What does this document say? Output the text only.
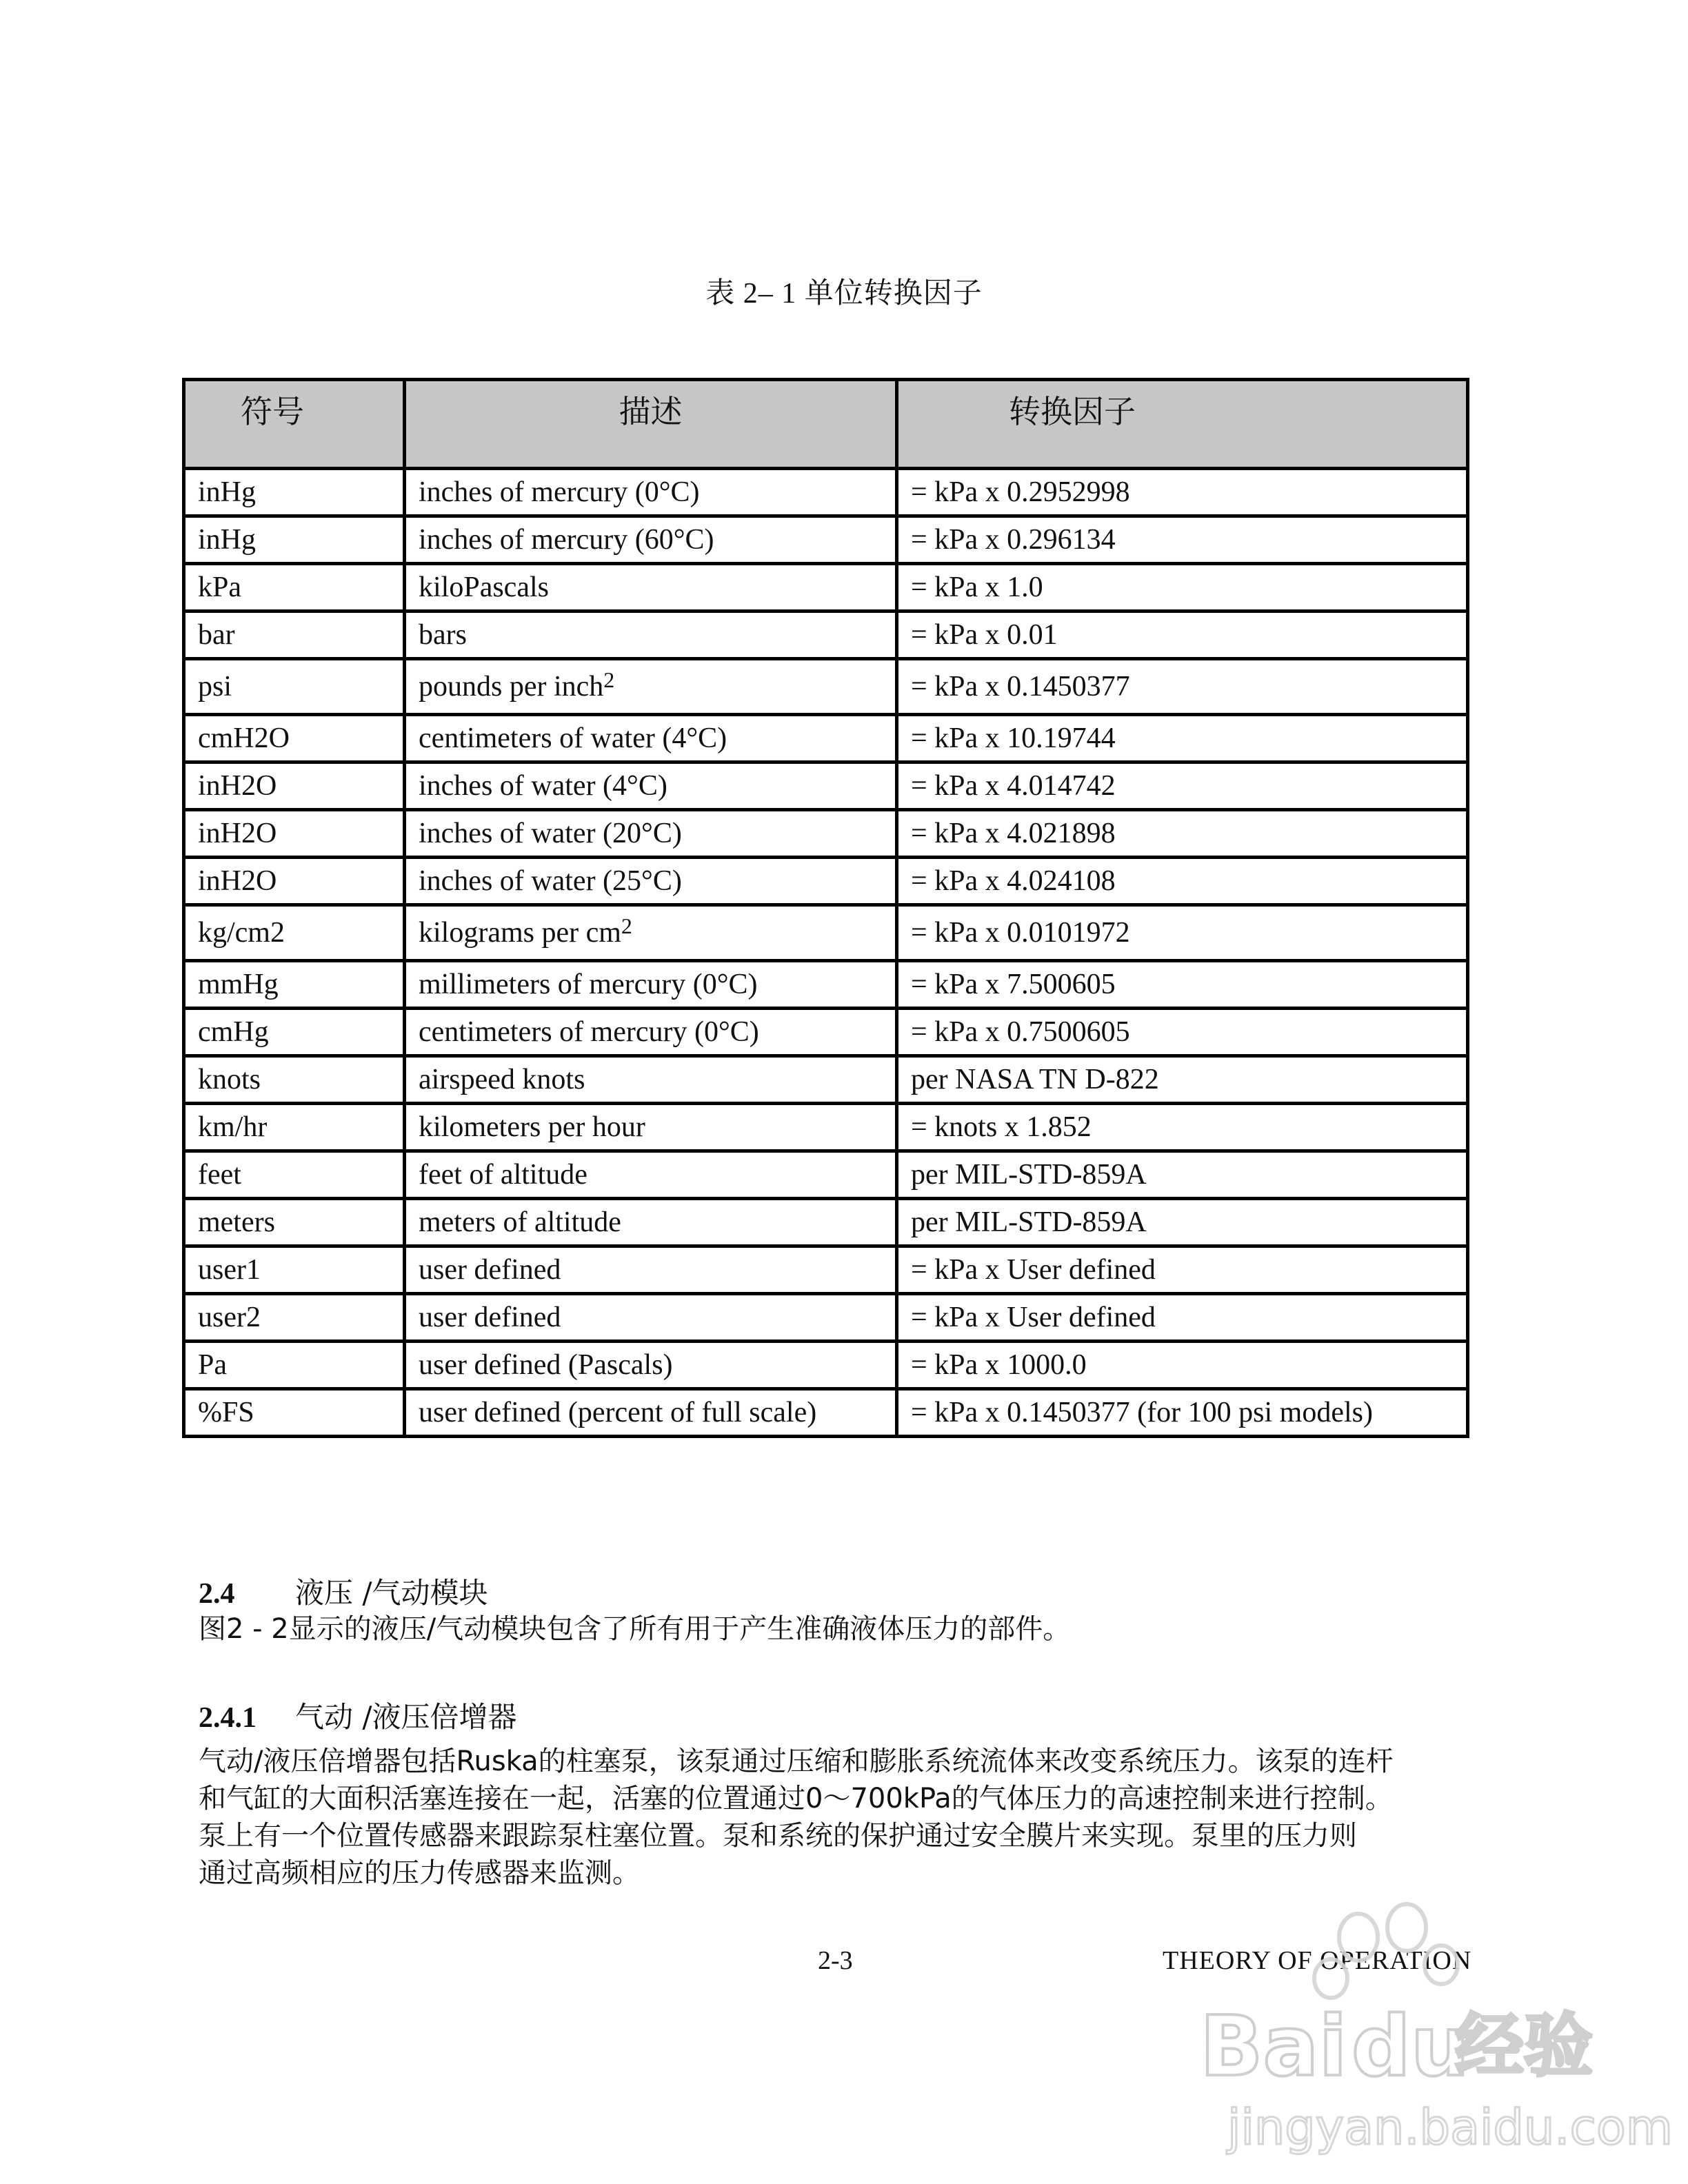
表 2– 1 单位转换因子
符号	描述	转换因子
inHg	inches of mercury (0°C)	= kPa x 0.2952998
inHg	inches of mercury (60°C)	= kPa x 0.296134
kPa	kiloPascals	= kPa x 1.0
bar	bars	= kPa x 0.01
psi	pounds per inch$^2$	= kPa x 0.1450377
cmH2O	centimeters of water (4°C)	= kPa x 10.19744
inH2O	inches of water (4°C)	= kPa x 4.014742
inH2O	inches of water (20°C)	= kPa x 4.021898
inH2O	inches of water (25°C)	= kPa x 4.024108
kg/cm2	kilograms per $cm^2$	= kPa x 0.0101972
mmHg	millimeters of mercury (0°C)	= kPa x 7.500605
cmHg	centimeters of mercury (0°C)	= kPa x 0.7500605
knots	airspeed knots	per NASA TN D-822
km/hr	kilometers per hour	= knots x 1.852
feet	feet of altitude	per MIL-STD-859A
meters	meters of altitude	per MIL-STD-859A
user1	user defined	= kPa x User defined
user2	user defined	= kPa x User defined
Pa	user defined (Pascals)	= kPa x 1000.0
%FS	user defined (percent of full scale)	= kPa x 0.1450377 (for 100 psi models)
2.4 液压 /气动模块
图2 - 2显示的液压/气动模块包含了所有用于产生准确液体压力的部件。
2.4.1 气动 /液压倍增器
气动/液压倍增器包括Ruska的柱塞泵，该泵通过压缩和膨胀系统流体来改变系统压力。该泵的连杆
和气缸的大面积活塞连接在一起，活塞的位置通过0～700kPa的气体压力的高速控制来进行控制。
泵上有一个位置传感器来跟踪泵柱塞位置。泵和系统的保护通过安全膜片来实现。泵里的压力则
通过高频相应的压力传感器来监测。
2-3	THEORY OF OPERATION
Bai du
经验
jingyan.baidu.com
